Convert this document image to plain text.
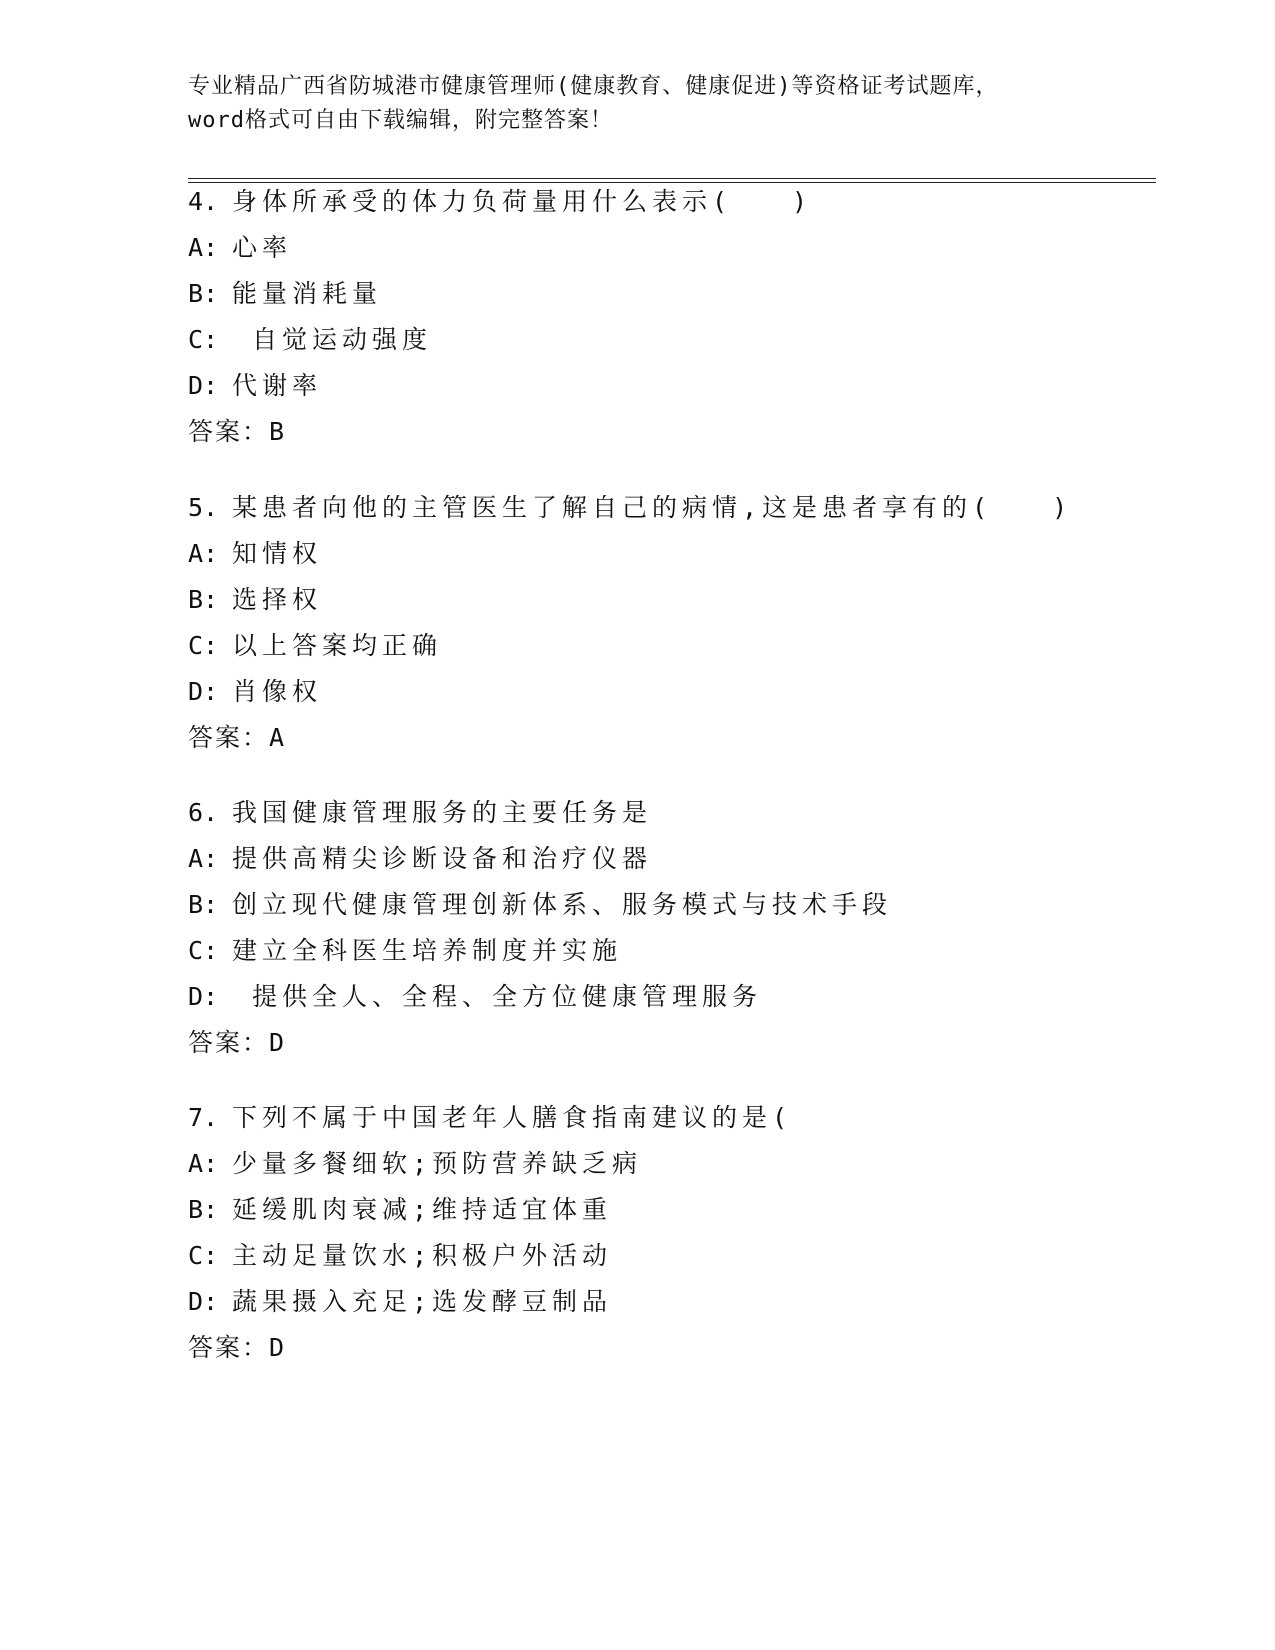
专业精品广西省防城港市健康管理师(健康教育、健康促进)等资格证考试题库，
word格式可自由下载编辑，附完整答案！
4. 身体所承受的体力负荷量用什么表示(　　)
A: 心率
B: 能量消耗量
C: 自觉运动强度
D: 代谢率
答案：B
5. 某患者向他的主管医生了解自己的病情,这是患者享有的(　　)
A: 知情权
B: 选择权
C: 以上答案均正确
D: 肖像权
答案：A
6. 我国健康管理服务的主要任务是
A: 提供高精尖诊断设备和治疗仪器
B: 创立现代健康管理创新体系、服务模式与技术手段
C: 建立全科医生培养制度并实施
D: 提供全人、全程、全方位健康管理服务
答案：D
7. 下列不属于中国老年人膳食指南建议的是(
A: 少量多餐细软;预防营养缺乏病
B: 延缓肌肉衰减;维持适宜体重
C: 主动足量饮水;积极户外活动
D: 蔬果摄入充足;选发酵豆制品
答案：D
